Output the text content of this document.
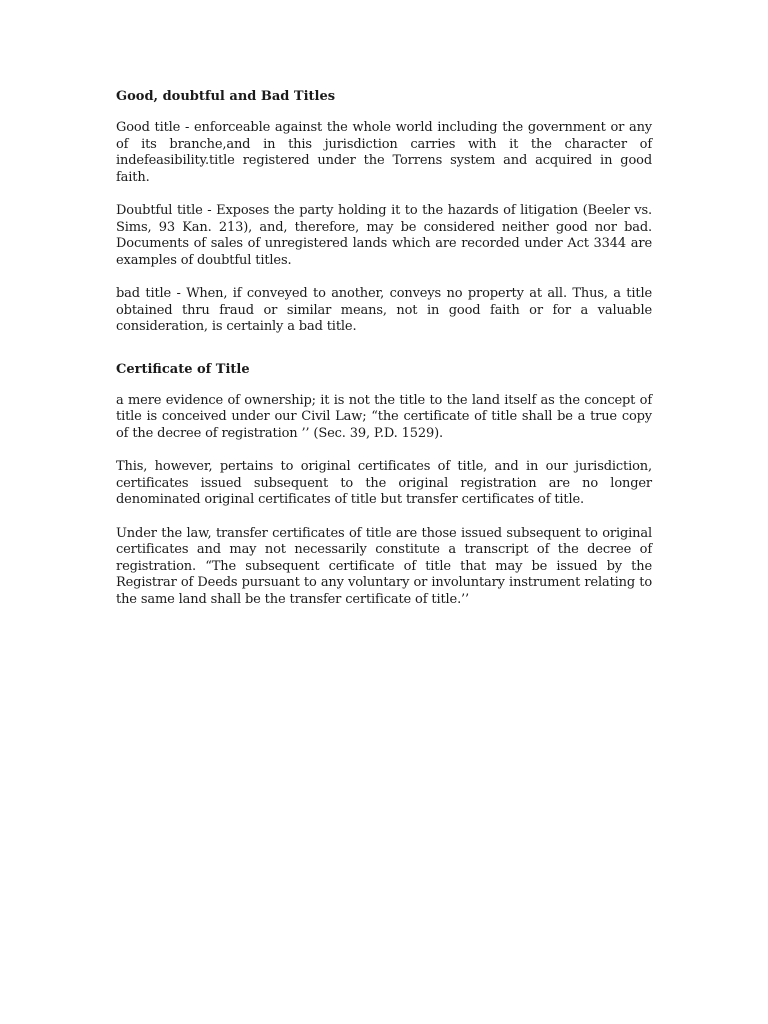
Good, doubtful and Bad Titles

Good title - enforceable against the whole world including the government or any of its branche,and in this jurisdiction carries with it the character of indefeasibility.title registered under the Torrens system and acquired in good faith.

Doubtful title - Exposes the party holding it to the hazards of litigation (Beeler vs. Sims, 93 Kan. 213), and, therefore, may be considered neither good nor bad. Documents of sales of unregistered lands which are recorded under Act 3344 are examples of doubtful titles.

bad title - When, if conveyed to another, conveys no property at all. Thus, a title obtained thru fraud or similar means, not in good faith or for a valuable consideration, is certainly a bad title.

Certificate of Title

a mere evidence of ownership; it is not the title to the land itself as the concept of title is conceived under our Civil Law; “the certificate of title shall be a true copy of the decree of registration ’’ (Sec. 39, P.D. 1529).

This, however, pertains to original certificates of title, and in our jurisdiction, certificates issued subsequent to the original registration are no longer denominated original certificates of title but transfer certificates of title.

Under the law, transfer certificates of title are those issued subsequent to original certificates and may not necessarily constitute a transcript of the decree of registration. “The subsequent certificate of title that may be issued by the Registrar of Deeds pursuant to any voluntary or involuntary instrument relating to the same land shall be the transfer certificate of title.’’
